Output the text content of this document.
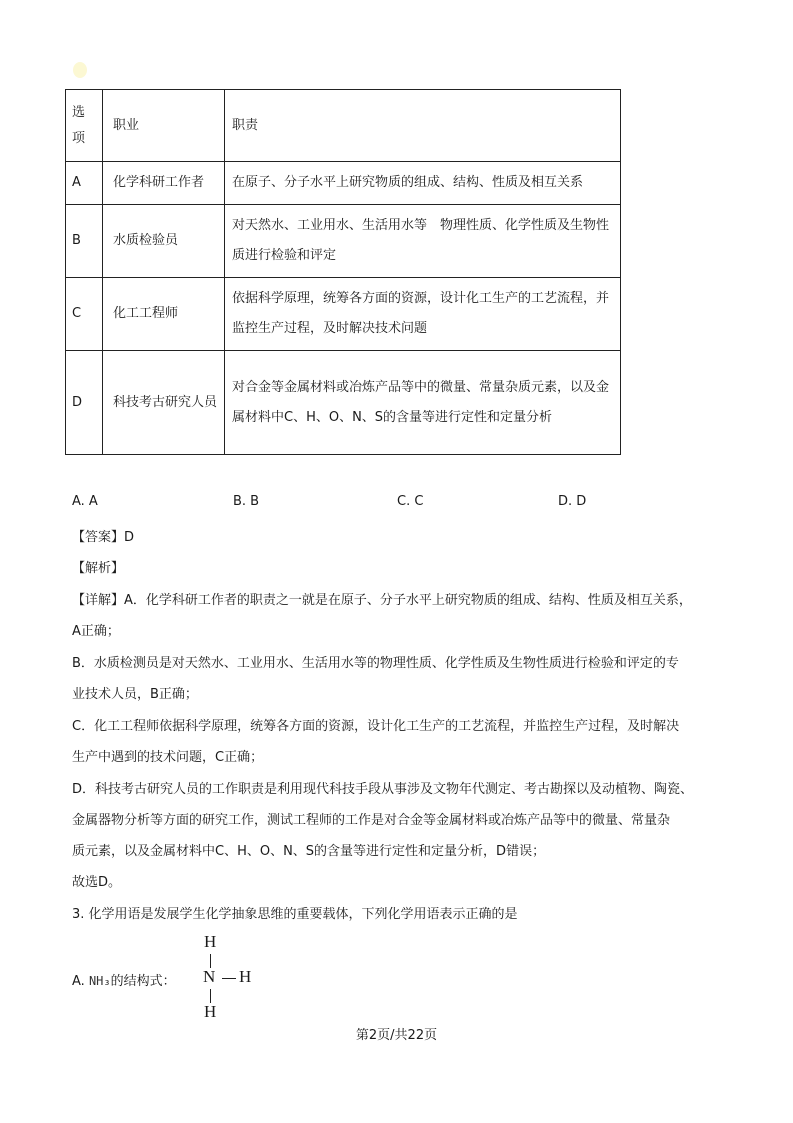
选
项	职业	职责
A	化学科研工作者	在原子、分子水平上研究物质的组成、结构、性质及相互关系
B	水质检验员	对天然水、工业用水、生活用水等　物理性质、化学性质及生物性质进行检验和评定
C	化工工程师	依据科学原理，统筹各方面的资源，设计化工生产的工艺流程，并监控生产过程，及时解决技术问题
D	科技考古研究人员	对合金等金属材料或冶炼产品等中的微量、常量杂质元素，以及金属材料中C、H、O、N、S的含量等进行定性和定量分析
A. A	B. B	C. C	D. D
【答案】D
【解析】
【详解】A．化学科研工作者的职责之一就是在原子、分子水平上研究物质的组成、结构、性质及相互关系，
A正确；
B．水质检测员是对天然水、工业用水、生活用水等的物理性质、化学性质及生物性质进行检验和评定的专
业技术人员，B正确；
C．化工工程师依据科学原理，统筹各方面的资源，设计化工生产的工艺流程，并监控生产过程，及时解决
生产中遇到的技术问题，C正确；
D．科技考古研究人员的工作职责是利用现代科技手段从事涉及文物年代测定、考古勘探以及动植物、陶瓷、
金属器物分析等方面的研究工作，测试工程师的工作是对合金等金属材料或冶炼产品等中的微量、常量杂
质元素，以及金属材料中C、H、O、N、S的含量等进行定性和定量分析，D错误；
故选D。
3. 化学用语是发展学生化学抽象思维的重要载体，下列化学用语表示正确的是
A. NH₃的结构式：
H
N H
H
第2页/共22页
